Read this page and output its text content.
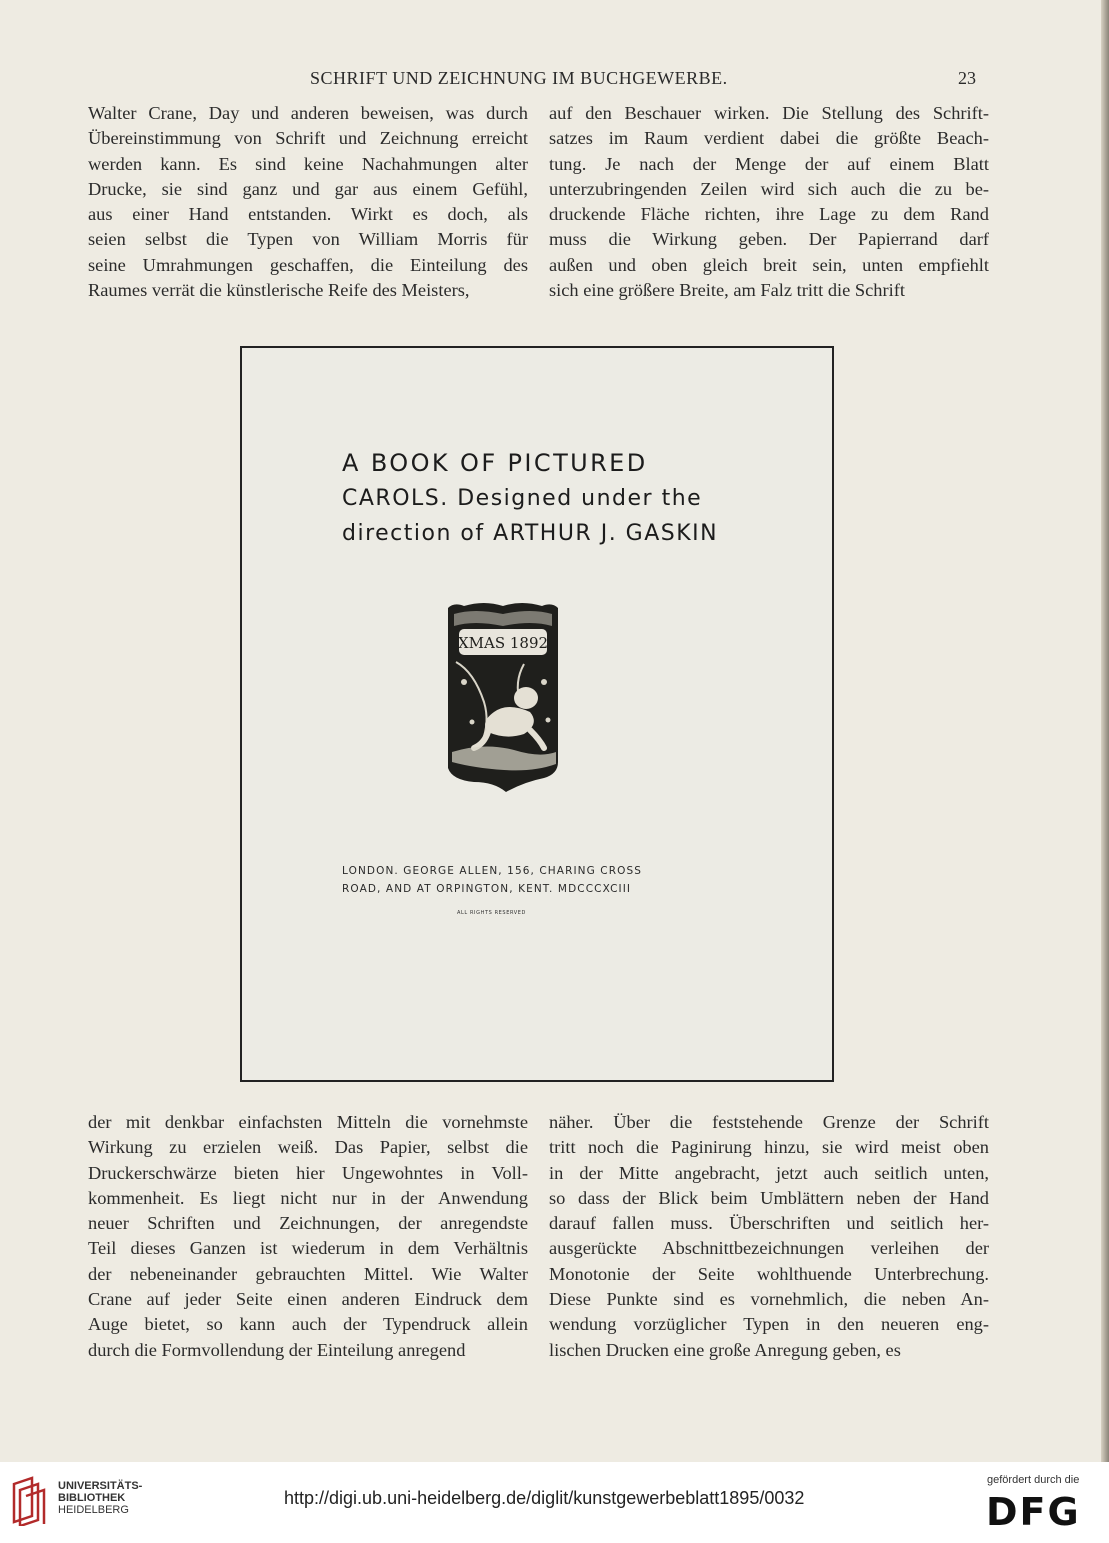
SCHRIFT UND ZEICHNUNG IM BUCHGEWERBE.	23
Walter Crane, Day und anderen beweisen, was durch
Übereinstimmung von Schrift und Zeichnung erreicht
werden kann. Es sind keine Nachahmungen alter
Drucke, sie sind ganz und gar aus einem Gefühl,
aus einer Hand entstanden. Wirkt es doch, als
seien selbst die Typen von William Morris für
seine Umrahmungen geschaffen, die Einteilung des
Raumes verrät die künstlerische Reife des Meisters,
auf den Beschauer wirken. Die Stellung des Schrift-
satzes im Raum verdient dabei die größte Beach-
tung. Je nach der Menge der auf einem Blatt
unterzubringenden Zeilen wird sich auch die zu be-
druckende Fläche richten, ihre Lage zu dem Rand
muss die Wirkung geben. Der Papierrand darf
außen und oben gleich breit sein, unten empfiehlt
sich eine größere Breite, am Falz tritt die Schrift
A BOOK OF PICTURED
CAROLS. Designed under the
direction of ARTHUR J. GASKIN
XMAS 1892
LONDON. GEORGE ALLEN, 156, CHARING CROSS
ROAD, AND AT ORPINGTON, KENT. MDCCCXCIII
ALL RIGHTS RESERVED
der mit denkbar einfachsten Mitteln die vornehmste
Wirkung zu erzielen weiß. Das Papier, selbst die
Druckerschwärze bieten hier Ungewohntes in Voll-
kommenheit. Es liegt nicht nur in der Anwendung
neuer Schriften und Zeichnungen, der anregendste
Teil dieses Ganzen ist wiederum in dem Verhältnis
der nebeneinander gebrauchten Mittel. Wie Walter
Crane auf jeder Seite einen anderen Eindruck dem
Auge bietet, so kann auch der Typendruck allein
durch die Formvollendung der Einteilung anregend
näher. Über die feststehende Grenze der Schrift
tritt noch die Paginirung hinzu, sie wird meist oben
in der Mitte angebracht, jetzt auch seitlich unten,
so dass der Blick beim Umblättern neben der Hand
darauf fallen muss. Überschriften und seitlich her-
ausgerückte Abschnittbezeichnungen verleihen der
Monotonie der Seite wohlthuende Unterbrechung.
Diese Punkte sind es vornehmlich, die neben An-
wendung vorzüglicher Typen in den neueren eng-
lischen Drucken eine große Anregung geben, es
UNIVERSITÄTS-
BIBLIOTHEK
HEIDELBERG
http://digi.ub.uni-heidelberg.de/diglit/kunstgewerbeblatt1895/0032
gefördert durch die
DFG
